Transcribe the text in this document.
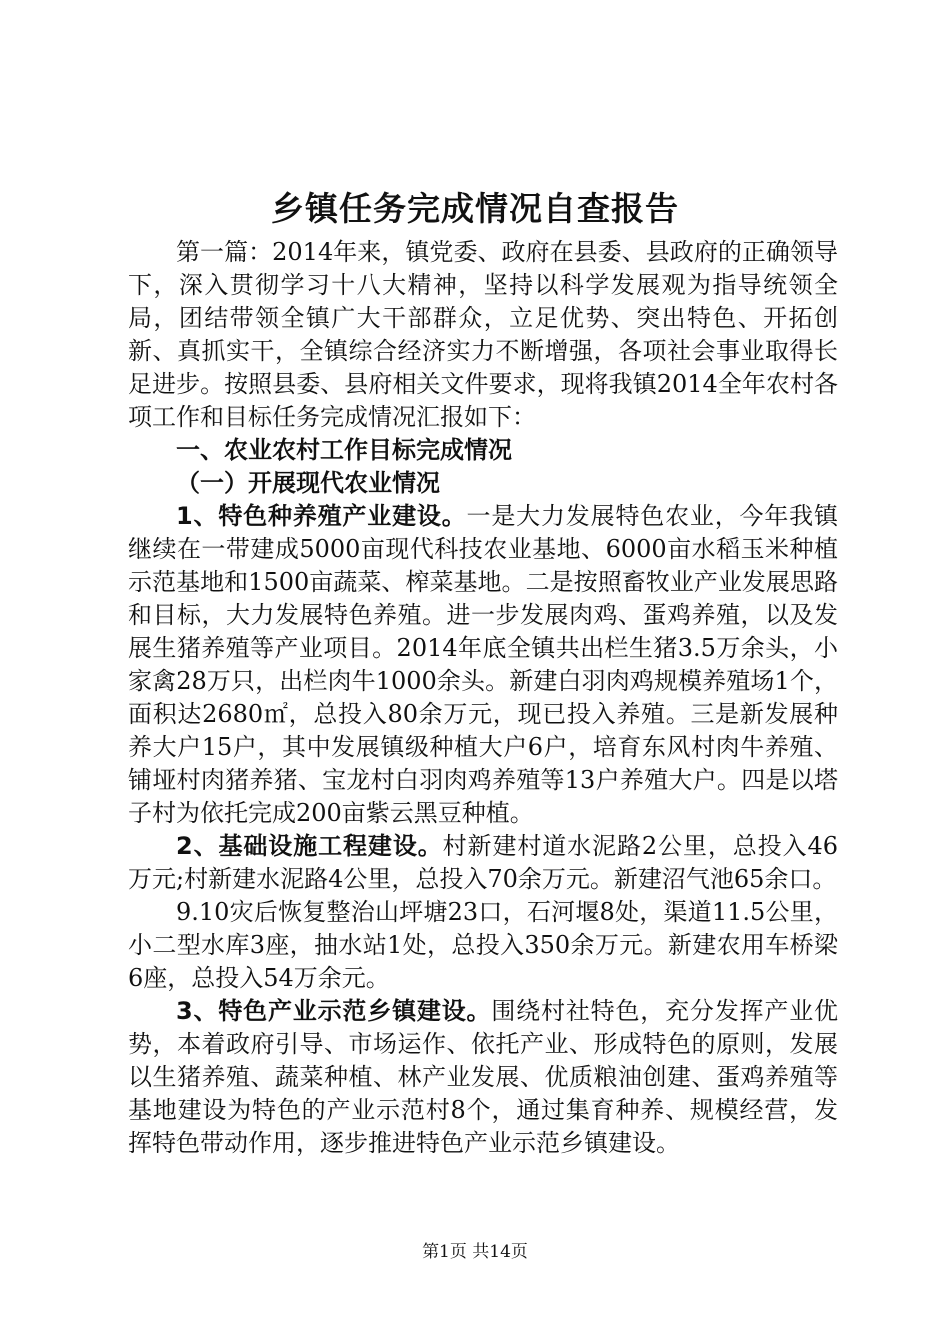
乡镇任务完成情况自查报告

第一篇：2014年来，镇党委、政府在县委、县政府的正确领导下，深入贯彻学习十八大精神，坚持以科学发展观为指导统领全局，团结带领全镇广大干部群众，立足优势、突出特色、开拓创新、真抓实干，全镇综合经济实力不断增强，各项社会事业取得长足进步。按照县委、县府相关文件要求，现将我镇2014全年农村各项工作和目标任务完成情况汇报如下：

一、农业农村工作目标完成情况

（一）开展现代农业情况

1、特色种养殖产业建设。一是大力发展特色农业，今年我镇继续在一带建成5000亩现代科技农业基地、6000亩水稻玉米种植示范基地和1500亩蔬菜、榨菜基地。二是按照畜牧业产业发展思路和目标，大力发展特色养殖。进一步发展肉鸡、蛋鸡养殖，以及发展生猪养殖等产业项目。2014年底全镇共出栏生猪3.5万余头，小家禽28万只，出栏肉牛1000余头。新建白羽肉鸡规模养殖场1个，面积达2680㎡，总投入80余万元，现已投入养殖。三是新发展种养大户15户，其中发展镇级种植大户6户，培育东风村肉牛养殖、铺垭村肉猪养猪、宝龙村白羽肉鸡养殖等13户养殖大户。四是以塔子村为依托完成200亩紫云黑豆种植。

2、基础设施工程建设。村新建村道水泥路2公里，总投入46万元;村新建水泥路4公里，总投入70余万元。新建沼气池65余口。

9.10灾后恢复整治山坪塘23口，石河堰8处，渠道11.5公里，小二型水库3座，抽水站1处，总投入350余万元。新建农用车桥梁6座，总投入54万余元。

3、特色产业示范乡镇建设。围绕村社特色，充分发挥产业优势，本着政府引导、市场运作、依托产业、形成特色的原则，发展以生猪养殖、蔬菜种植、林产业发展、优质粮油创建、蛋鸡养殖等基地建设为特色的产业示范村8个，通过集育种养、规模经营，发挥特色带动作用，逐步推进特色产业示范乡镇建设。

第1页 共14页
